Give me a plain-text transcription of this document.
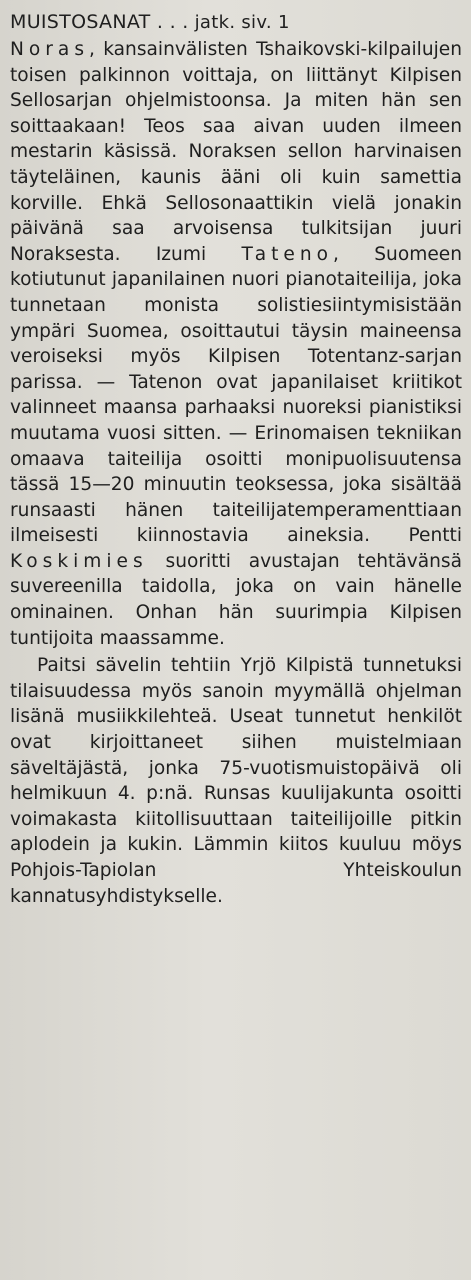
MUISTOSANAT . . . jatk. siv. 1

Noras, kansainvälisten Tshaikovski-kilpailujen toisen palkinnon voittaja, on liittänyt Kilpisen Sellosarjan ohjelmistoonsa. Ja miten hän sen soittaakaan! Teos saa aivan uuden ilmeen mestarin käsissä. Noraksen sellon harvinaisen täyteläinen, kaunis ääni oli kuin samettia korville. Ehkä Sellosonaattikin vielä jonakin päivänä saa arvoisensa tulkitsijan juuri Noraksesta. Izumi Tateno, Suomeen kotiutunut japanilainen nuori pianotaiteilija, joka tunnetaan monista solistiesiintymisistään ympäri Suomea, osoittautui täysin maineensa veroiseksi myös Kilpisen Totentanz-sarjan parissa. — Tatenon ovat japanilaiset kriitikot valinneet maansa parhaaksi nuoreksi pianistiksi muutama vuosi sitten. — Erinomaisen tekniikan omaava taiteilija osoitti monipuolisuutensa tässä 15—20 minuutin teoksessa, joka sisältää runsaasti hänen taiteilijatemperamenttiaan ilmeisesti kiinnostavia aineksia. Pentti Koskimies suoritti avustajan tehtävänsä suvereenilla taidolla, joka on vain hänelle ominainen. Onhan hän suurimpia Kilpisen tuntijoita maassamme.

Paitsi sävelin tehtiin Yrjö Kilpistä tunnetuksi tilaisuudessa myös sanoin myymällä ohjelman lisänä musiikkilehteä. Useat tunnetut henkilöt ovat kirjoittaneet siihen muistelmiaan säveltäjästä, jonka 75-vuotismuistopäivä oli helmikuun 4. p:nä. Runsas kuulijakunta osoitti voimakasta kiitollisuuttaan taiteilijoille pitkin aplodein ja kukin. Lämmin kiitos kuuluu möys Pohjois-Tapiolan Yhteiskoulun kannatusyhdistykselle.
